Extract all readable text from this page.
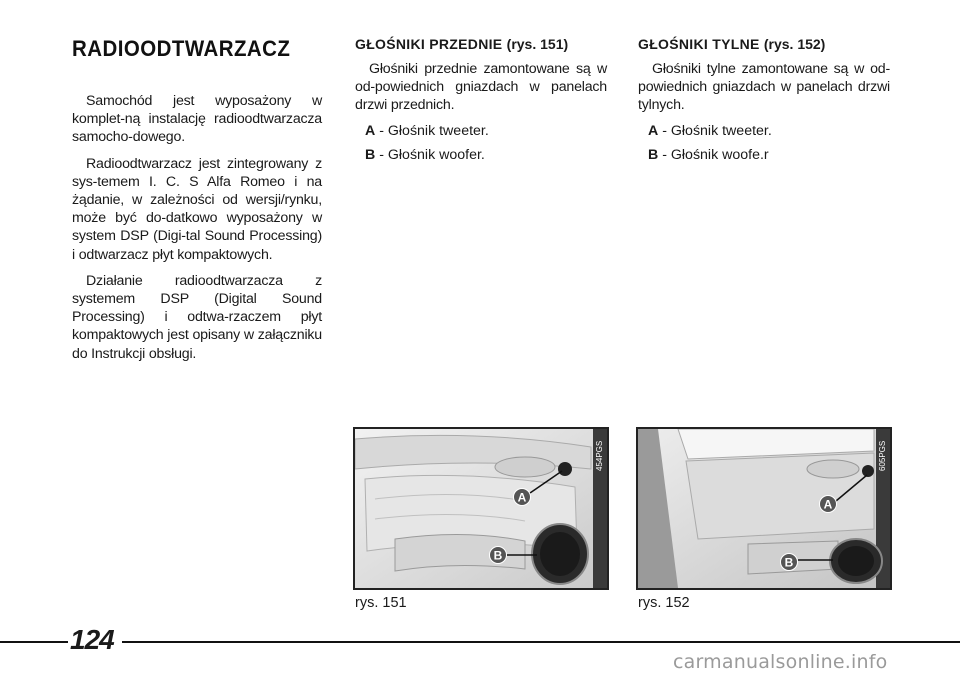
RADIOODTWARZACZ

Samochód jest wyposażony w komplet-ną instalację radioodtwarzacza samocho-dowego.

Radioodtwarzacz jest zintegrowany z sys-temem I. C. S Alfa Romeo i na żądanie, w zależności od wersji/rynku, może być do-datkowo wyposażony w system DSP (Digi-tal Sound Processing) i odtwarzacz płyt kompaktowych.

Działanie radioodtwarzacza z systemem DSP (Digital Sound Processing) i odtwa-rzaczem płyt kompaktowych jest opisany w załączniku do Instrukcji obsługi.

GŁOŚNIKI PRZEDNIE (rys. 151)

Głośniki przednie zamontowane są w od-powiednich gniazdach w panelach drzwi przednich.

A - Głośnik tweeter.
B - Głośnik woofer.
GŁOŚNIKI TYLNE (rys. 152)

Głośniki tylne zamontowane są w od-powiednich gniazdach w panelach drzwi tylnych.

A - Głośnik tweeter.
B - Głośnik woofe.r
A
B
454PGS
A
B
605PGS
rys. 151	rys. 152
124
carmanualsonline.info
